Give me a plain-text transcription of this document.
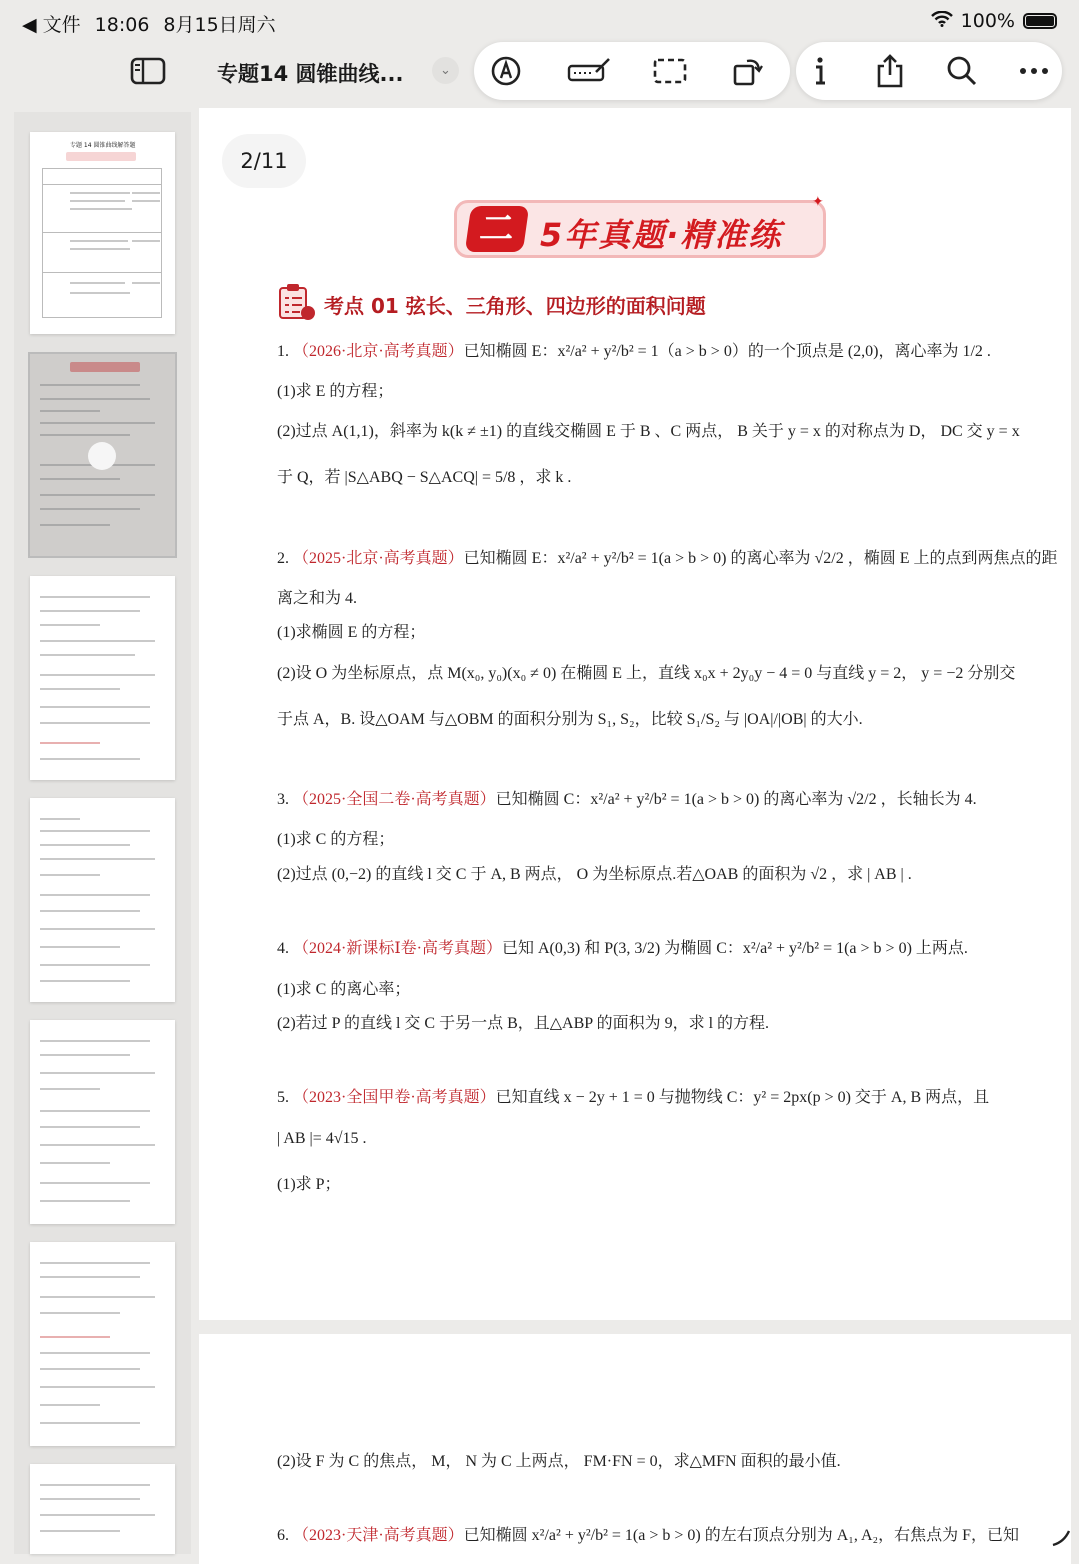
◀ 文件 18:06 8月15日周六	100%
专题14 圆锥曲线...	⌄
专题 14 圆锥曲线解答题
2/11
二 5年真题·精准练
✦
考点 01 弦长、三角形、四边形的面积问题
1. （2026·北京·高考真题）已知椭圆 E：x²/a² + y²/b² = 1（a > b > 0）的一个顶点是 (2,0)，离心率为 1/2 .
(1)求 E 的方程；
(2)过点 A(1,1)，斜率为 k(k ≠ ±1) 的直线交椭圆 E 于 B 、C 两点， B 关于 y = x 的对称点为 D， DC 交 y = x
于 Q，若 |S△ABQ − S△ACQ| = 5/8 ，求 k .
2. （2025·北京·高考真题）已知椭圆 E：x²/a² + y²/b² = 1(a > b > 0) 的离心率为 √2/2 ，椭圆 E 上的点到两焦点的距
离之和为 4.
(1)求椭圆 E 的方程；
(2)设 O 为坐标原点，点 M(x₀, y₀)(x₀ ≠ 0) 在椭圆 E 上，直线 x₀x + 2y₀y − 4 = 0 与直线 y = 2， y = −2 分别交
于点 A，B. 设△OAM 与△OBM 的面积分别为 S₁, S₂，比较 S₁/S₂ 与 |OA|/|OB| 的大小.
3. （2025·全国二卷·高考真题）已知椭圆 C：x²/a² + y²/b² = 1(a > b > 0) 的离心率为 √2/2 ，长轴长为 4.
(1)求 C 的方程；
(2)过点 (0,−2) 的直线 l 交 C 于 A, B 两点， O 为坐标原点.若△OAB 的面积为 √2 ，求 | AB | .
4. （2024·新课标Ⅰ卷·高考真题）已知 A(0,3) 和 P(3, 3/2) 为椭圆 C：x²/a² + y²/b² = 1(a > b > 0) 上两点.
(1)求 C 的离心率；
(2)若过 P 的直线 l 交 C 于另一点 B，且△ABP 的面积为 9，求 l 的方程.
5. （2023·全国甲卷·高考真题）已知直线 x − 2y + 1 = 0 与抛物线 C：y² = 2px(p > 0) 交于 A, B 两点，且
| AB |= 4√15 .
(1)求 P；
(2)设 F 为 C 的焦点， M， N 为 C 上两点， FM·FN = 0，求△MFN 面积的最小值.
6. （2023·天津·高考真题）已知椭圆 x²/a² + y²/b² = 1(a > b > 0) 的左右顶点分别为 A₁, A₂，右焦点为 F，已知
